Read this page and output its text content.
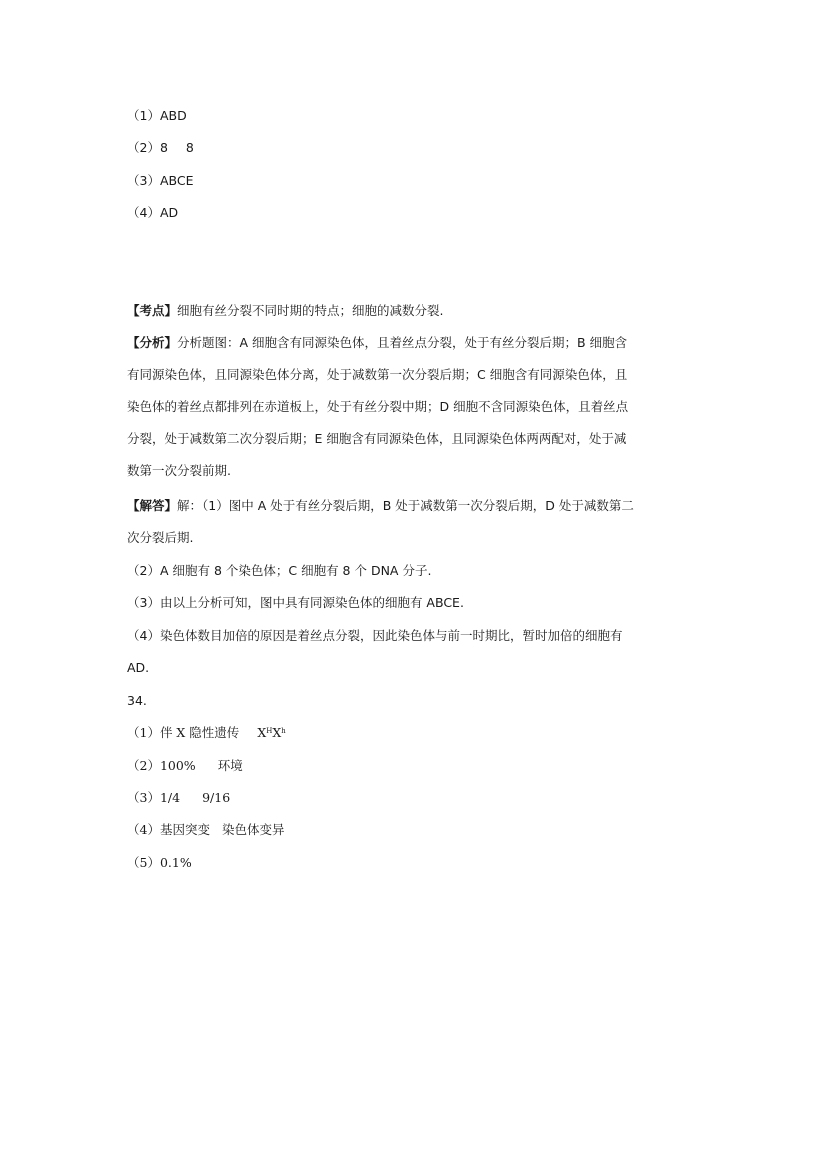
（1）ABD
（2）8 8
（3）ABCE
（4）AD
【考点】细胞有丝分裂不同时期的特点；细胞的减数分裂.
【分析】分析题图：A 细胞含有同源染色体，且着丝点分裂，处于有丝分裂后期；B 细胞含
有同源染色体，且同源染色体分离，处于减数第一次分裂后期；C 细胞含有同源染色体，且
染色体的着丝点都排列在赤道板上，处于有丝分裂中期；D 细胞不含同源染色体，且着丝点
分裂，处于减数第二次分裂后期；E 细胞含有同源染色体，且同源染色体两两配对，处于减
数第一次分裂前期.
【解答】解：（1）图中 A 处于有丝分裂后期，B 处于减数第一次分裂后期，D 处于减数第二
次分裂后期.
（2）A 细胞有 8 个染色体；C 细胞有 8 个 DNA 分子.
（3）由以上分析可知，图中具有同源染色体的细胞有 ABCE.
（4）染色体数目加倍的原因是着丝点分裂，因此染色体与前一时期比，暂时加倍的细胞有
AD.
34.
（1）伴 X 隐性遗传 $X^HX^h$
（2）100% 环境
（3）1/4 9/16
（4）基因突变 染色体变异
（5）0.1%
